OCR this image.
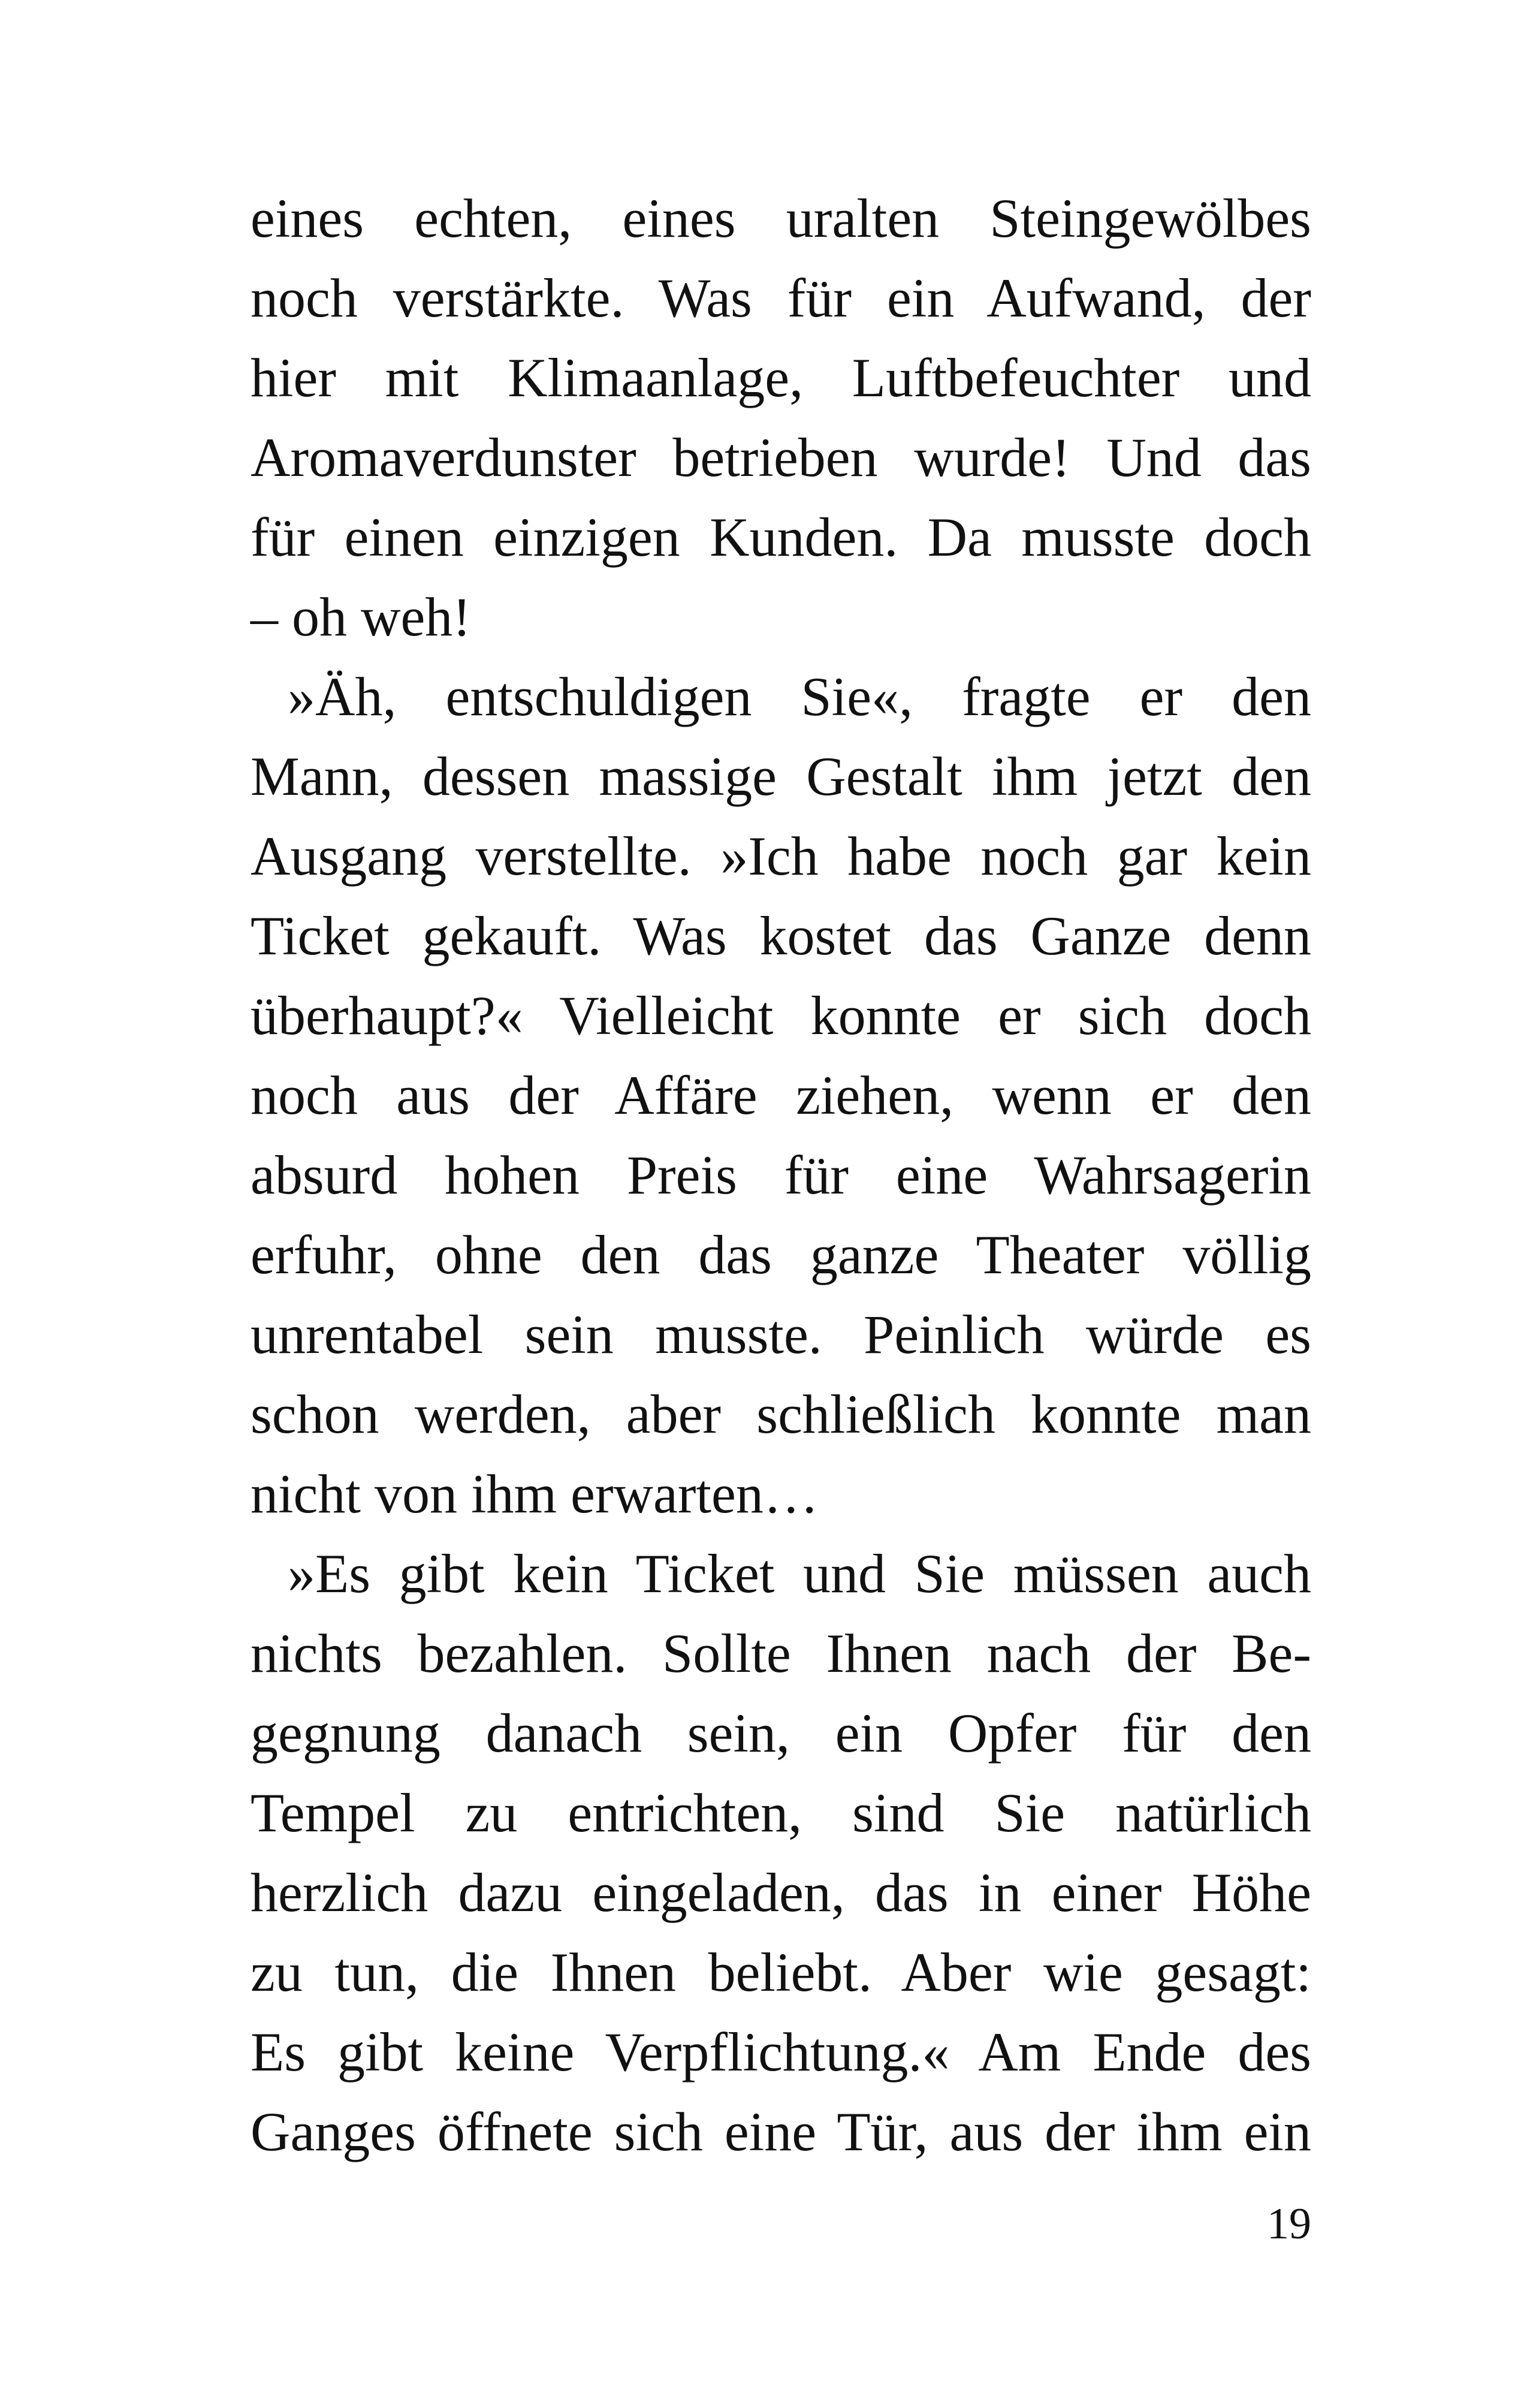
eines echten, eines uralten Steingewölbes
noch verstärkte. Was für ein Aufwand, der
hier mit Klimaanlage, Luftbefeuchter und
Aromaverdunster betrieben wurde! Und das
für einen einzigen Kunden. Da musste doch
– oh weh!
»Äh, entschuldigen Sie«, fragte er den
Mann, dessen massige Gestalt ihm jetzt den
Ausgang verstellte. »Ich habe noch gar kein
Ticket gekauft. Was kostet das Ganze denn
überhaupt?« Vielleicht konnte er sich doch
noch aus der Affäre ziehen, wenn er den
absurd hohen Preis für eine Wahrsagerin
erfuhr, ohne den das ganze Theater völlig
unrentabel sein musste. Peinlich würde es
schon werden, aber schließlich konnte man
nicht von ihm erwarten…
»Es gibt kein Ticket und Sie müssen auch
nichts bezahlen. Sollte Ihnen nach der Be-
gegnung danach sein, ein Opfer für den
Tempel zu entrichten, sind Sie natürlich
herzlich dazu eingeladen, das in einer Höhe
zu tun, die Ihnen beliebt. Aber wie gesagt:
Es gibt keine Verpflichtung.« Am Ende des
Ganges öffnete sich eine Tür, aus der ihm ein
19
